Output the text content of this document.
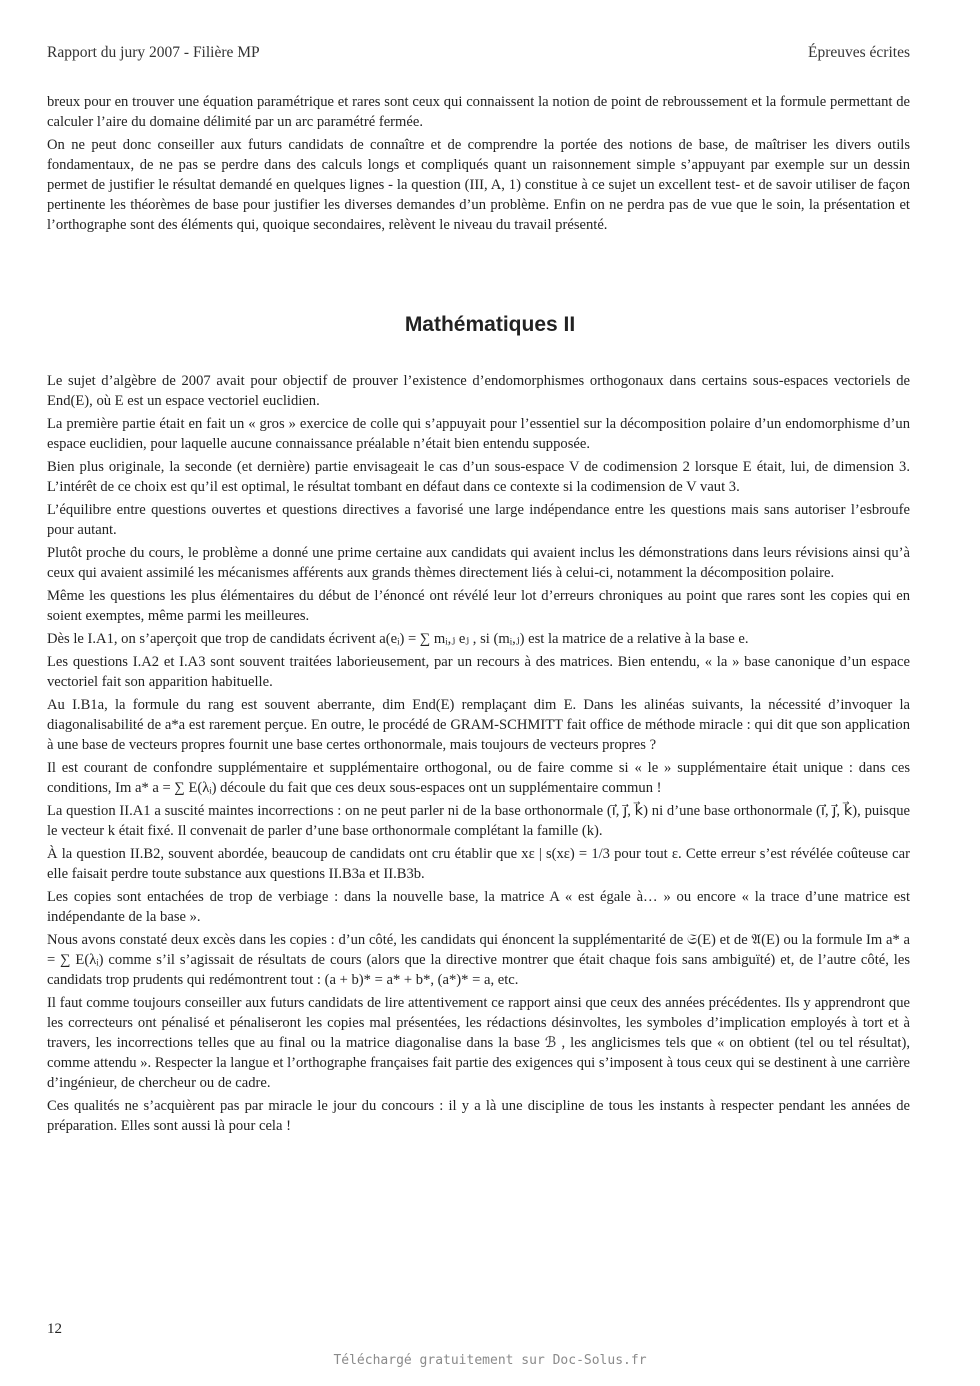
Rapport du jury 2007 - Filière MP	Épreuves écrites

breux pour en trouver une équation paramétrique et rares sont ceux qui connaissent la notion de point de rebroussement et la formule permettant de calculer l’aire du domaine délimité par un arc paramétré fermée.

On ne peut donc conseiller aux futurs candidats de connaître et de comprendre la portée des notions de base, de maîtriser les divers outils fondamentaux, de ne pas se perdre dans des calculs longs et compliqués quant un raisonnement simple s’appuyant par exemple sur un dessin permet de justifier le résultat demandé en quelques lignes - la question (III, A, 1) constitue à ce sujet un excellent test- et de savoir utiliser de façon pertinente les théorèmes de base pour justifier les diverses demandes d’un problème. Enfin on ne perdra pas de vue que le soin, la présentation et l’orthographe sont des éléments qui, quoique secondaires, relèvent le niveau du travail présenté.

Mathématiques II

Le sujet d’algèbre de 2007 avait pour objectif de prouver l’existence d’endomorphismes orthogonaux dans certains sous-espaces vectoriels de End(E), où E est un espace vectoriel euclidien.

La première partie était en fait un « gros » exercice de colle qui s’appuyait pour l’essentiel sur la décomposition polaire d’un endomorphisme d’un espace euclidien, pour laquelle aucune connaissance préalable n’était bien entendu supposée.

Bien plus originale, la seconde (et dernière) partie envisageait le cas d’un sous-espace V de codimension 2 lorsque E était, lui, de dimension 3. L’intérêt de ce choix est qu’il est optimal, le résultat tombant en défaut dans ce contexte si la codimension de V vaut 3.

L’équilibre entre questions ouvertes et questions directives a favorisé une large indépendance entre les questions mais sans autoriser l’esbroufe pour autant.

Plutôt proche du cours, le problème a donné une prime certaine aux candidats qui avaient inclus les démonstrations dans leurs révisions ainsi qu’à ceux qui avaient assimilé les mécanismes afférents aux grands thèmes directement liés à celui-ci, notamment la décomposition polaire.

Même les questions les plus élémentaires du début de l’énoncé ont révélé leur lot d’erreurs chroniques au point que rares sont les copies qui en soient exemptes, même parmi les meilleures.

Dès le I.A1, on s’aperçoit que trop de candidats écrivent a(eᵢ) = ∑ mᵢ,ⱼ eⱼ , si (mᵢ,ⱼ) est la matrice de a relative à la base e.

Les questions I.A2 et I.A3 sont souvent traitées laborieusement, par un recours à des matrices. Bien entendu, « la » base canonique d’un espace vectoriel fait son apparition habituelle.

Au I.B1a, la formule du rang est souvent aberrante, dim End(E) remplaçant dim E. Dans les alinéas suivants, la nécessité d’invoquer la diagonalisabilité de a*a est rarement perçue. En outre, le procédé de GRAM-SCHMITT fait office de méthode miracle : qui dit que son application à une base de vecteurs propres fournit une base certes orthonormale, mais toujours de vecteurs propres ?

Il est courant de confondre supplémentaire et supplémentaire orthogonal, ou de faire comme si « le » supplémentaire était unique : dans ces conditions, Im a* a = ∑ E(λᵢ) découle du fait que ces deux sous-espaces ont un supplémentaire commun !

La question II.A1 a suscité maintes incorrections : on ne peut parler ni de la base orthonormale (i⃗, j⃗, k⃗) ni d’une base orthonormale (i⃗, j⃗, k⃗), puisque le vecteur k était fixé. Il convenait de parler d’une base orthonormale complétant la famille (k).

À la question II.B2, souvent abordée, beaucoup de candidats ont cru établir que xε | s(xε) = 1/3 pour tout ε. Cette erreur s’est révélée coûteuse car elle faisait perdre toute substance aux questions II.B3a et II.B3b.

Les copies sont entachées de trop de verbiage : dans la nouvelle base, la matrice A « est égale à… » ou encore « la trace d’une matrice est indépendante de la base ».

Nous avons constaté deux excès dans les copies : d’un côté, les candidats qui énoncent la supplémentarité de 𝔖(E) et de 𝔄(E) ou la formule Im a* a = ∑ E(λᵢ) comme s’il s’agissait de résultats de cours (alors que la directive montrer que était chaque fois sans ambiguïté) et, de l’autre côté, les candidats trop prudents qui redémontrent tout : (a + b)* = a* + b*, (a*)* = a, etc.

Il faut comme toujours conseiller aux futurs candidats de lire attentivement ce rapport ainsi que ceux des années précédentes. Ils y apprendront que les correcteurs ont pénalisé et pénaliseront les copies mal présentées, les rédactions désinvoltes, les symboles d’implication employés à tort et à travers, les incorrections telles que au final ou la matrice diagonalise dans la base ℬ , les anglicismes tels que « on obtient (tel ou tel résultat), comme attendu ». Respecter la langue et l’orthographe françaises fait partie des exigences qui s’imposent à tous ceux qui se destinent à une carrière d’ingénieur, de chercheur ou de cadre.

Ces qualités ne s’acquièrent pas par miracle le jour du concours : il y a là une discipline de tous les instants à respecter pendant les années de préparation. Elles sont aussi là pour cela !

12
Téléchargé gratuitement sur Doc-Solus.fr
